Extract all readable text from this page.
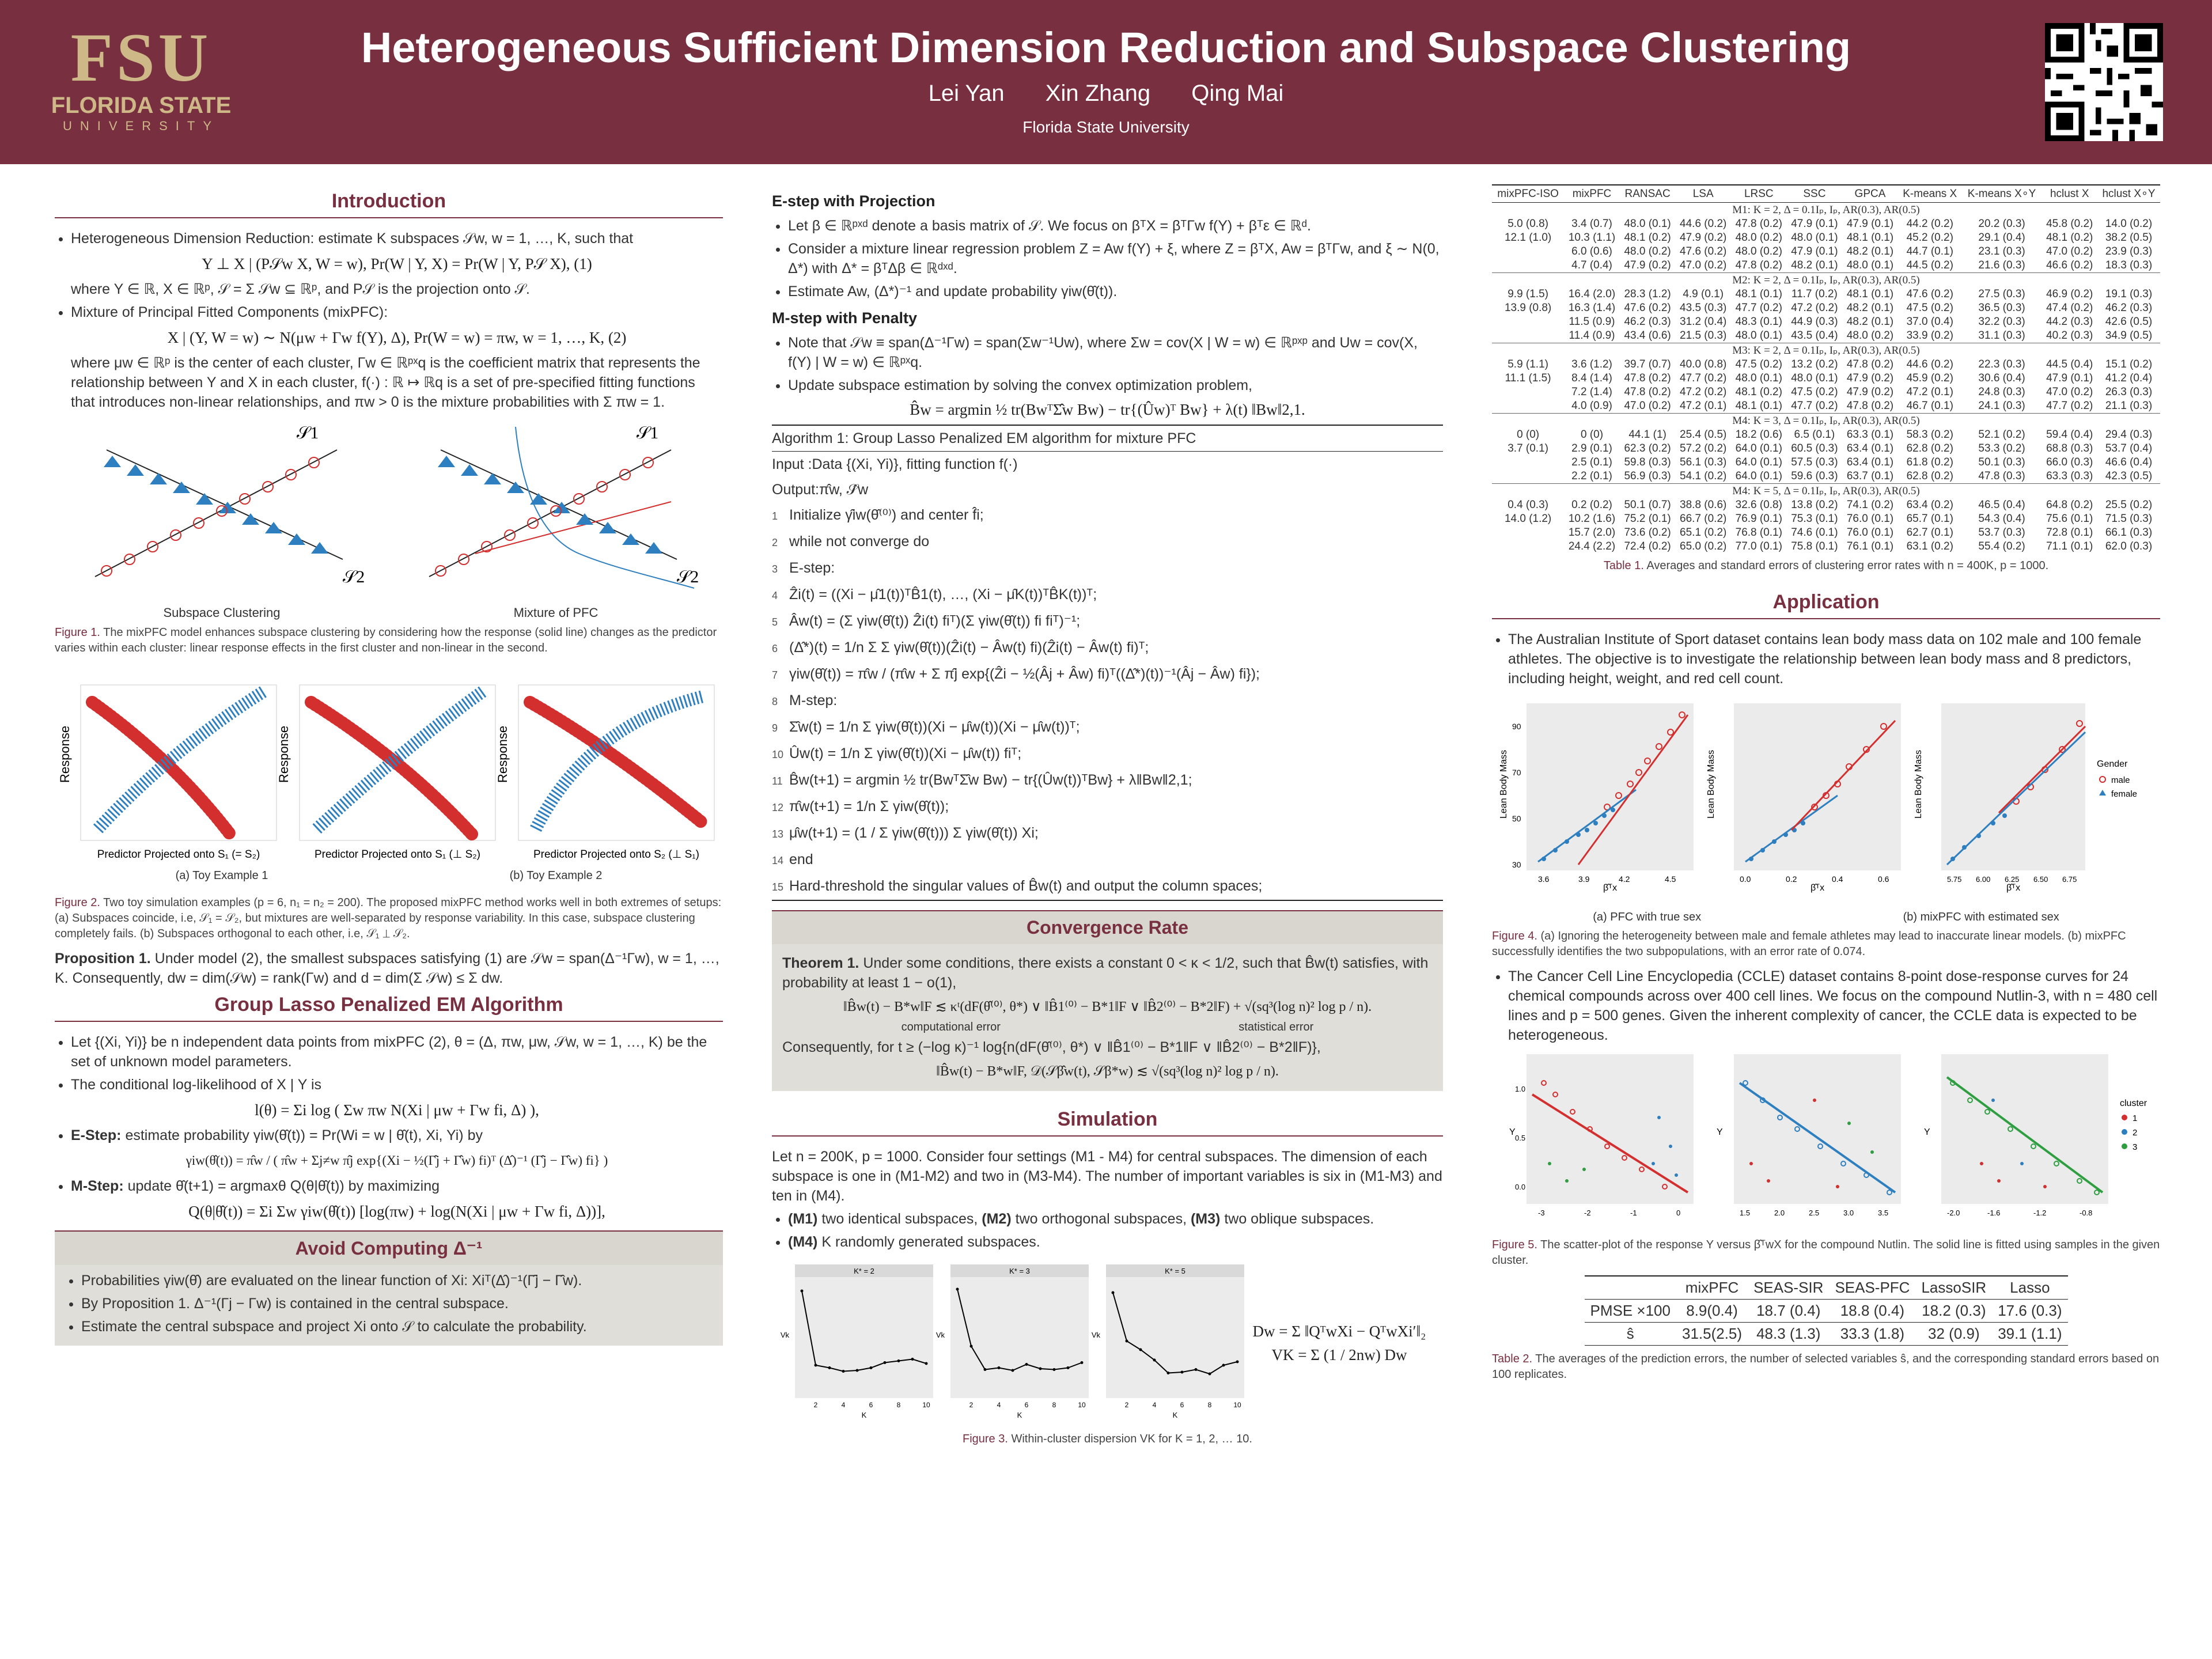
FSU
FLORIDA STATE
UNIVERSITY
Heterogeneous Sufficient Dimension Reduction and Subspace Clustering
Lei Yan Xin Zhang Qing Mai
Florida State University
Introduction
• Heterogeneous Dimension Reduction: estimate K subspaces 𝒮w, w = 1, …, K, such that
Y ⊥ X | (P𝒮w X, W = w), Pr(W | Y, X) = Pr(W | Y, P𝒮 X), (1)
where Y ∈ ℝ, X ∈ ℝᵖ, 𝒮 = Σ 𝒮w ⊆ ℝᵖ, and P𝒮 is the projection onto 𝒮.
• Mixture of Principal Fitted Components (mixPFC):
X | (Y, W = w) ∼ N(μw + Γw f(Y), Δ), Pr(W = w) = πw, w = 1, …, K, (2)
where μw ∈ ℝᵖ is the center of each cluster, Γw ∈ ℝᵖˣq is the coefficient matrix that represents the relationship between Y and X in each cluster, f(·) : ℝ ↦ ℝq is a set of pre-specified fitting functions that introduces non-linear relationships, and πw > 0 is the mixture probabilities with Σ πw = 1.
𝒮1
𝒮2
Subspace Clustering
𝒮1
𝒮2
Mixture of PFC
Figure 1. The mixPFC model enhances subspace clustering by considering how the response (solid line) changes as the predictor varies within each cluster: linear response effects in the first cluster and non-linear in the second.
Response
Predictor Projected onto S₁ (= S₂)
Response
Predictor Projected onto S₁ (⊥ S₂)
Response
Predictor Projected onto S₂ (⊥ S₁)
(a) Toy Example 1	(b) Toy Example 2
Figure 2. Two toy simulation examples (p = 6, n₁ = n₂ = 200). The proposed mixPFC method works well in both extremes of setups: (a) Subspaces coincide, i.e, 𝒮₁ = 𝒮₂, but mixtures are well-separated by response variability. In this case, subspace clustering completely fails. (b) Subspaces orthogonal to each other, i.e, 𝒮₁ ⊥ 𝒮₂.

Proposition 1. Under model (2), the smallest subspaces satisfying (1) are 𝒮w = span(Δ⁻¹Γw), w = 1, …, K. Consequently, dw = dim(𝒮w) = rank(Γw) and d = dim(Σ 𝒮w) ≤ Σ dw.

Group Lasso Penalized EM Algorithm
• Let {(Xi, Yi)} be n independent data points from mixPFC (2), θ = (Δ, πw, μw, 𝒮w, w = 1, …, K) be the set of unknown model parameters.
• The conditional log-likelihood of X | Y is
l(θ) = Σi log ( Σw πw N(Xi | μw + Γw fi, Δ) ),
• E-Step: estimate probability γiw(θ̂(t)) = Pr(Wi = w | θ̂(t), Xi, Yi) by
γiw(θ̂(t)) = π̂w / ( π̂w + Σj≠w π̂j exp{(Xi − ½(Γ̂j + Γ̂w) fi)ᵀ (Δ̂)⁻¹ (Γ̂j − Γ̂w) fi} )
• M-Step: update θ̂(t+1) = argmaxθ Q(θ|θ̂(t)) by maximizing
Q(θ|θ̂(t)) = Σi Σw γiw(θ̂(t)) [log(πw) + log(N(Xi | μw + Γw fi, Δ))],
Avoid Computing Δ⁻¹
• Probabilities γiw(θ̂) are evaluated on the linear function of Xi: Xiᵀ(Δ̂)⁻¹(Γ̂j − Γ̂w).
• By Proposition 1. Δ⁻¹(Γj − Γw) is contained in the central subspace.
• Estimate the central subspace and project Xi onto 𝒮 to calculate the probability.
E-step with Projection
• Let β ∈ ℝᵖˣᵈ denote a basis matrix of 𝒮. We focus on βᵀX = βᵀΓw f(Y) + βᵀε ∈ ℝᵈ.
• Consider a mixture linear regression problem Z = Aw f(Y) + ξ, where Z = βᵀX, Aw = βᵀΓw, and ξ ∼ N(0, Δ*) with Δ* = βᵀΔβ ∈ ℝᵈˣᵈ.
• Estimate Aw, (Δ*)⁻¹ and update probability γiw(θ̂(t)).
M-step with Penalty
• Note that 𝒮w ≡ span(Δ⁻¹Γw) = span(Σw⁻¹Uw), where Σw = cov(X | W = w) ∈ ℝᵖˣᵖ and Uw = cov(X, f(Y) | W = w) ∈ ℝᵖˣq.
• Update subspace estimation by solving the convex optimization problem,
B̂w = argmin ½ tr(BwᵀΣ̂w Bw) − tr{(Ûw)ᵀ Bw} + λ(t) ‖Bw‖2,1.
Algorithm 1: Group Lasso Penalized EM algorithm for mixture PFC
Input :Data {(Xi, Yi)}, fitting function f(·)
Output:π̂w, 𝒮̂w
1 Initialize γ̂iw(θ̂⁽⁰⁾) and center f̂i;
2 while not converge do
3 E-step:
4 Ẑi(t) = ((Xi − μ̂1(t))ᵀB̂1(t), …, (Xi − μ̂K(t))ᵀB̂K(t))ᵀ;
5 Âw(t) = (Σ γiw(θ̂(t)) Ẑi(t) fiᵀ)(Σ γiw(θ̂(t)) fi fiᵀ)⁻¹;
6 (Δ̂*)(t) = 1/n Σ Σ γiw(θ̂(t))(Ẑi(t) − Âw(t) fi)(Ẑi(t) − Âw(t) fi)ᵀ;
7 γiw(θ̂(t)) = π̂w / (π̂w + Σ π̂j exp{(Ẑi − ½(Âj + Âw) fi)ᵀ((Δ̂*)(t))⁻¹(Âj − Âw) fi});
8 M-step:
9 Σ̂w(t) = 1/n Σ γiw(θ̂(t))(Xi − μ̂w(t))(Xi − μ̂w(t))ᵀ;
10 Ûw(t) = 1/n Σ γiw(θ̂(t))(Xi − μ̂w(t)) fiᵀ;
11 B̂w(t+1) = argmin ½ tr(BwᵀΣ̂w Bw) − tr{(Ûw(t))ᵀBw} + λ‖Bw‖2,1;
12 π̂w(t+1) = 1/n Σ γiw(θ̂(t));
13 μ̂w(t+1) = (1 / Σ γiw(θ̂(t))) Σ γiw(θ̂(t)) Xi;
14 end
15 Hard-threshold the singular values of B̂w(t) and output the column spaces;
Convergence Rate

Theorem 1. Under some conditions, there exists a constant 0 < κ < 1/2, such that B̂w(t) satisfies, with probability at least 1 − o(1),

‖B̂w(t) − B*w‖F ≲ κᵗ(dF(θ̂⁽⁰⁾, θ*) ∨ ‖B̂1⁽⁰⁾ − B*1‖F ∨ ‖B̂2⁽⁰⁾ − B*2‖F) + √(sq³(log n)² log p / n).
computational error	statistical error

Consequently, for t ≥ (−log κ)⁻¹ log{n(dF(θ̂⁽⁰⁾, θ*) ∨ ‖B̂1⁽⁰⁾ − B*1‖F ∨ ‖B̂2⁽⁰⁾ − B*2‖F)},

‖B̂w(t) − B*w‖F, 𝒟(𝒮β̂w(t), 𝒮β*w) ≲ √(sq³(log n)² log p / n).
Simulation

Let n = 200K, p = 1000. Consider four settings (M1 - M4) for central subspaces. The dimension of each subspace is one in (M1-M2) and two in (M3-M4). The number of important variables is six in (M1-M3) and ten in (M4).

• (M1) two identical subspaces, (M2) two orthogonal subspaces, (M3) two oblique subspaces.
• (M4) K randomly generated subspaces.
K* = 2
2	4	6	8	10
K
Vk
K* = 3
2	4	6	8	10
K
Vk
K* = 5
2	4	6	8	10
K
Vk	Dw = Σ ‖QᵀwXi − QᵀwXi′‖₂
VK = Σ (1 / 2nw) Dw
Figure 3. Within-cluster dispersion VK for K = 1, 2, … 10.
mixPFC-ISO	mixPFC	RANSAC	LSA	LRSC	SSC	GPCA	K-means X	K-means X∘Y	hclust X	hclust X∘Y
M1: K = 2, Δ = 0.1Iₚ, Iₚ, AR(0.3), AR(0.5)										
5.0 (0.8)	3.4 (0.7)	48.0 (0.1)	44.6 (0.2)	47.8 (0.2)	47.9 (0.1)	47.9 (0.1)	44.2 (0.2)	20.2 (0.3)	45.8 (0.2)	14.0 (0.2)
12.1 (1.0)	10.3 (1.1)	48.1 (0.2)	47.9 (0.2)	48.0 (0.2)	48.0 (0.1)	48.1 (0.1)	45.2 (0.2)	29.1 (0.4)	48.1 (0.2)	38.2 (0.5)
	6.0 (0.6)	48.0 (0.2)	47.6 (0.2)	48.0 (0.2)	47.9 (0.1)	48.2 (0.1)	44.7 (0.1)	23.1 (0.3)	47.0 (0.2)	23.9 (0.3)
	4.7 (0.4)	47.9 (0.2)	47.0 (0.2)	47.8 (0.2)	48.2 (0.1)	48.0 (0.1)	44.5 (0.2)	21.6 (0.3)	46.6 (0.2)	18.3 (0.3)
M2: K = 2, Δ = 0.1Iₚ, Iₚ, AR(0.3), AR(0.5)										
9.9 (1.5)	16.4 (2.0)	28.3 (1.2)	4.9 (0.1)	48.1 (0.1)	11.7 (0.2)	48.1 (0.1)	47.6 (0.2)	27.5 (0.3)	46.9 (0.2)	19.1 (0.3)
13.9 (0.8)	16.3 (1.4)	47.6 (0.2)	43.5 (0.3)	47.7 (0.2)	47.2 (0.2)	48.2 (0.1)	47.5 (0.2)	36.5 (0.3)	47.4 (0.2)	46.2 (0.3)
	11.5 (0.9)	46.2 (0.3)	31.2 (0.4)	48.3 (0.1)	44.9 (0.3)	48.2 (0.1)	37.0 (0.4)	32.2 (0.3)	44.2 (0.3)	42.6 (0.5)
	11.4 (0.9)	43.4 (0.6)	21.5 (0.3)	48.0 (0.1)	43.5 (0.4)	48.0 (0.2)	33.9 (0.2)	31.1 (0.3)	40.2 (0.3)	34.9 (0.5)
M3: K = 2, Δ = 0.1Iₚ, Iₚ, AR(0.3), AR(0.5)										
5.9 (1.1)	3.6 (1.2)	39.7 (0.7)	40.0 (0.8)	47.5 (0.2)	13.2 (0.2)	47.8 (0.2)	44.6 (0.2)	22.3 (0.3)	44.5 (0.4)	15.1 (0.2)
11.1 (1.5)	8.4 (1.4)	47.8 (0.2)	47.7 (0.2)	48.0 (0.1)	48.0 (0.1)	47.9 (0.2)	45.9 (0.2)	30.6 (0.4)	47.9 (0.1)	41.2 (0.4)
	7.2 (1.4)	47.8 (0.2)	47.2 (0.2)	48.1 (0.2)	47.5 (0.2)	47.9 (0.2)	47.2 (0.1)	24.8 (0.3)	47.0 (0.2)	26.3 (0.3)
	4.0 (0.9)	47.0 (0.2)	47.2 (0.1)	48.1 (0.1)	47.7 (0.2)	47.8 (0.2)	46.7 (0.1)	24.1 (0.3)	47.7 (0.2)	21.1 (0.3)
M4: K = 3, Δ = 0.1Iₚ, Iₚ, AR(0.3), AR(0.5)										
0 (0)	0 (0)	44.1 (1)	25.4 (0.5)	18.2 (0.6)	6.5 (0.1)	63.3 (0.1)	58.3 (0.2)	52.1 (0.2)	59.4 (0.4)	29.4 (0.3)
3.7 (0.1)	2.9 (0.1)	62.3 (0.2)	57.2 (0.2)	64.0 (0.1)	60.5 (0.3)	63.4 (0.1)	62.8 (0.2)	53.3 (0.2)	68.8 (0.3)	53.7 (0.4)
	2.5 (0.1)	59.8 (0.3)	56.1 (0.3)	64.0 (0.1)	57.5 (0.3)	63.4 (0.1)	61.8 (0.2)	50.1 (0.3)	66.0 (0.3)	46.6 (0.4)
	2.2 (0.1)	56.9 (0.3)	54.1 (0.2)	64.0 (0.1)	59.6 (0.3)	63.7 (0.1)	62.8 (0.2)	47.8 (0.3)	63.3 (0.3)	42.3 (0.5)
M4: K = 5, Δ = 0.1Iₚ, Iₚ, AR(0.3), AR(0.5)										
0.4 (0.3)	0.2 (0.2)	50.1 (0.7)	38.8 (0.6)	32.6 (0.8)	13.8 (0.2)	74.1 (0.2)	63.4 (0.2)	46.5 (0.4)	64.8 (0.2)	25.5 (0.2)
14.0 (1.2)	10.2 (1.6)	75.2 (0.1)	66.7 (0.2)	76.9 (0.1)	75.3 (0.1)	76.0 (0.1)	65.7 (0.1)	54.3 (0.4)	75.6 (0.1)	71.5 (0.3)
	15.7 (2.0)	73.6 (0.2)	65.1 (0.2)	76.8 (0.1)	74.6 (0.1)	76.0 (0.1)	62.7 (0.1)	53.7 (0.3)	72.8 (0.1)	66.1 (0.3)
	24.4 (2.2)	72.4 (0.2)	65.0 (0.2)	77.0 (0.1)	75.8 (0.1)	76.1 (0.1)	63.1 (0.2)	55.4 (0.2)	71.1 (0.1)	62.0 (0.3)
Table 1. Averages and standard errors of clustering error rates with n = 400K, p = 1000.
Application
• The Australian Institute of Sport dataset contains lean body mass data on 102 male and 100 female athletes. The objective is to investigate the relationship between lean body mass and 8 predictors, including height, weight, and red cell count.
Lean Body Mass
β̂ᵀx
3.6	3.9	4.2	4.5
30
50
70
90
Lean Body Mass
β̂ᵀx
0.0	0.2	0.4	0.6
Lean Body Mass
β̂ᵀx
5.75 6.00 6.25 6.50 6.75
Gender
male
female
(a) PFC with true sex	(b) mixPFC with estimated sex
Figure 4. (a) Ignoring the heterogeneity between male and female athletes may lead to inaccurate linear models. (b) mixPFC successfully identifies the two subpopulations, with an error rate of 0.074.
• The Cancer Cell Line Encyclopedia (CCLE) dataset contains 8-point dose-response curves for 24 chemical compounds across over 400 cell lines. We focus on the compound Nutlin-3, with n = 480 cell lines and p = 500 genes. Given the inherent complexity of cancer, the CCLE data is expected to be heterogeneous.
Y
-3	-2	-1	0
0.0
0.5
1.0
Y
1.5	2.0	2.5	3.0	3.5
Y
-2.0	-1.6	-1.2	-0.8
cluster
1
2
3
Figure 5. The scatter-plot of the response Y versus β̂ᵀwX for the compound Nutlin. The solid line is fitted using samples in the given cluster.
	mixPFC	SEAS-SIR	SEAS-PFC	LassoSIR	Lasso
PMSE ×100	8.9(0.4)	18.7 (0.4)	18.8 (0.4)	18.2 (0.3)	17.6 (0.3)
ŝ	31.5(2.5)	48.3 (1.3)	33.3 (1.8)	32 (0.9)	39.1 (1.1)
Table 2. The averages of the prediction errors, the number of selected variables ŝ, and the corresponding standard errors based on 100 replicates.
